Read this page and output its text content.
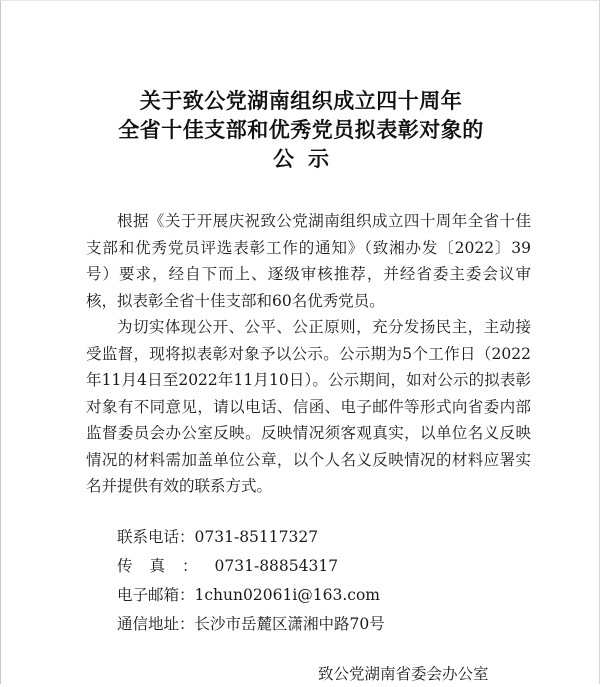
关于致公党湖南组织成立四十周年
全省十佳支部和优秀党员拟表彰对象的
公示

根据《关于开展庆祝致公党湖南组织成立四十周年全省十佳支部和优秀党员评选表彰工作的通知》（致湘办发〔2022〕39号）要求，经自下而上、逐级审核推荐，并经省委主委会议审核，拟表彰全省十佳支部和60名优秀党员。

为切实体现公开、公平、公正原则，充分发扬民主，主动接受监督，现将拟表彰对象予以公示。公示期为5个工作日（2022年11月4日至2022年11月10日）。公示期间，如对公示的拟表彰对象有不同意见，请以电话、信函、电子邮件等形式向省委内部监督委员会办公室反映。反映情况须客观真实，以单位名义反映情况的材料需加盖单位公章，以个人名义反映情况的材料应署实名并提供有效的联系方式。

联系电话：0731-85117327
传真：0731-88854317
电子邮箱：1chun02061i@163.com
通信地址：长沙市岳麓区潇湘中路70号
致公党湖南省委会办公室
